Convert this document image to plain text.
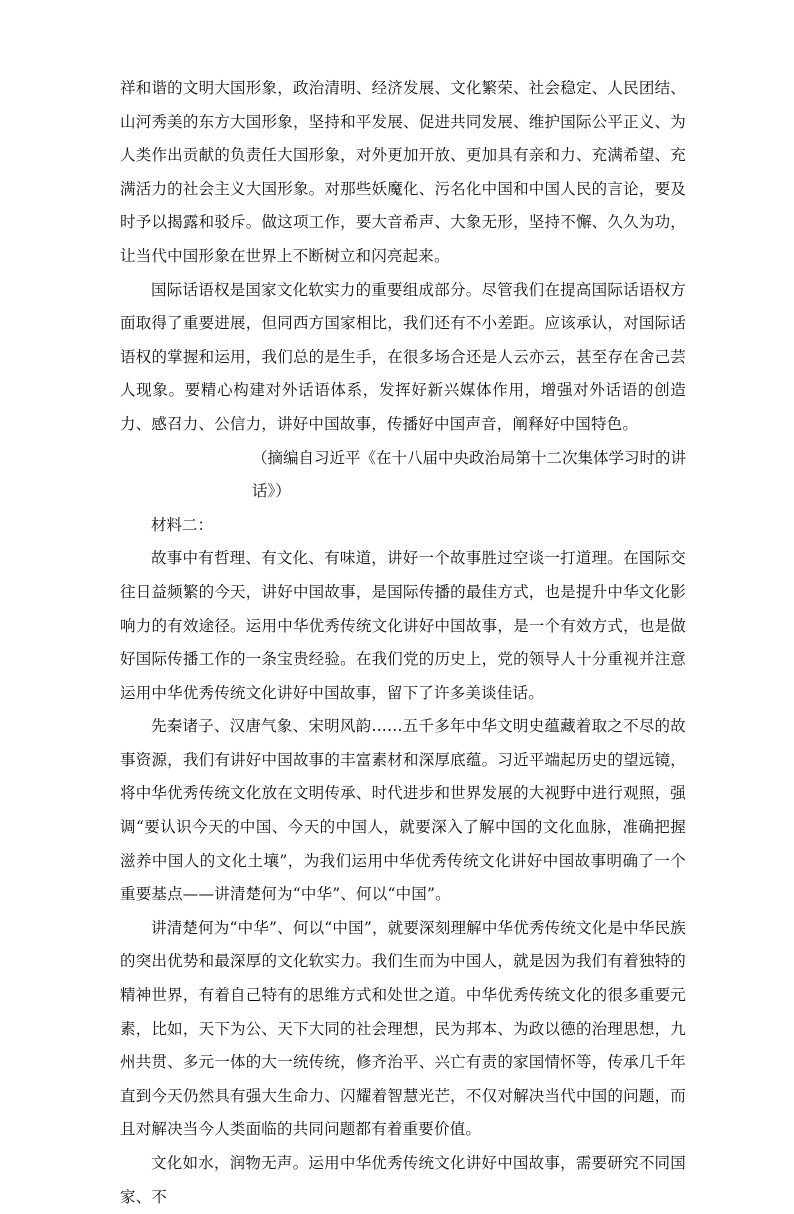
祥和谐的文明大国形象，政治清明、经济发展、文化繁荣、社会稳定、人民团结、山河秀美的东方大国形象，坚持和平发展、促进共同发展、维护国际公平正义、为人类作出贡献的负责任大国形象，对外更加开放、更加具有亲和力、充满希望、充满活力的社会主义大国形象。对那些妖魔化、污名化中国和中国人民的言论，要及时予以揭露和驳斥。做这项工作，要大音希声、大象无形，坚持不懈、久久为功，让当代中国形象在世界上不断树立和闪亮起来。

国际话语权是国家文化软实力的重要组成部分。尽管我们在提高国际话语权方面取得了重要进展，但同西方国家相比，我们还有不小差距。应该承认，对国际话语权的掌握和运用，我们总的是生手，在很多场合还是人云亦云，甚至存在舍己芸人现象。要精心构建对外话语体系，发挥好新兴媒体作用，增强对外话语的创造力、感召力、公信力，讲好中国故事，传播好中国声音，阐释好中国特色。

（摘编自习近平《在十八届中央政治局第十二次集体学习时的讲话》）

材料二：

故事中有哲理、有文化、有味道，讲好一个故事胜过空谈一打道理。在国际交往日益频繁的今天，讲好中国故事，是国际传播的最佳方式，也是提升中华文化影响力的有效途径。运用中华优秀传统文化讲好中国故事，是一个有效方式，也是做好国际传播工作的一条宝贵经验。在我们党的历史上，党的领导人十分重视并注意运用中华优秀传统文化讲好中国故事，留下了许多美谈佳话。

先秦诸子、汉唐气象、宋明风韵……五千多年中华文明史蕴藏着取之不尽的故事资源，我们有讲好中国故事的丰富素材和深厚底蕴。习近平端起历史的望远镜，将中华优秀传统文化放在文明传承、时代进步和世界发展的大视野中进行观照，强调“要认识今天的中国、今天的中国人，就要深入了解中国的文化血脉，准确把握滋养中国人的文化土壤”，为我们运用中华优秀传统文化讲好中国故事明确了一个重要基点——讲清楚何为“中华”、何以“中国”。

讲清楚何为“中华”、何以“中国”，就要深刻理解中华优秀传统文化是中华民族的突出优势和最深厚的文化软实力。我们生而为中国人，就是因为我们有着独特的精神世界，有着自己特有的思维方式和处世之道。中华优秀传统文化的很多重要元素，比如，天下为公、天下大同的社会理想，民为邦本、为政以德的治理思想，九州共贯、多元一体的大一统传统，修齐治平、兴亡有责的家国情怀等，传承几千年直到今天仍然具有强大生命力、闪耀着智慧光芒，不仅对解决当代中国的问题，而且对解决当今人类面临的共同问题都有着重要价值。

文化如水，润物无声。运用中华优秀传统文化讲好中国故事，需要研究不同国家、不
